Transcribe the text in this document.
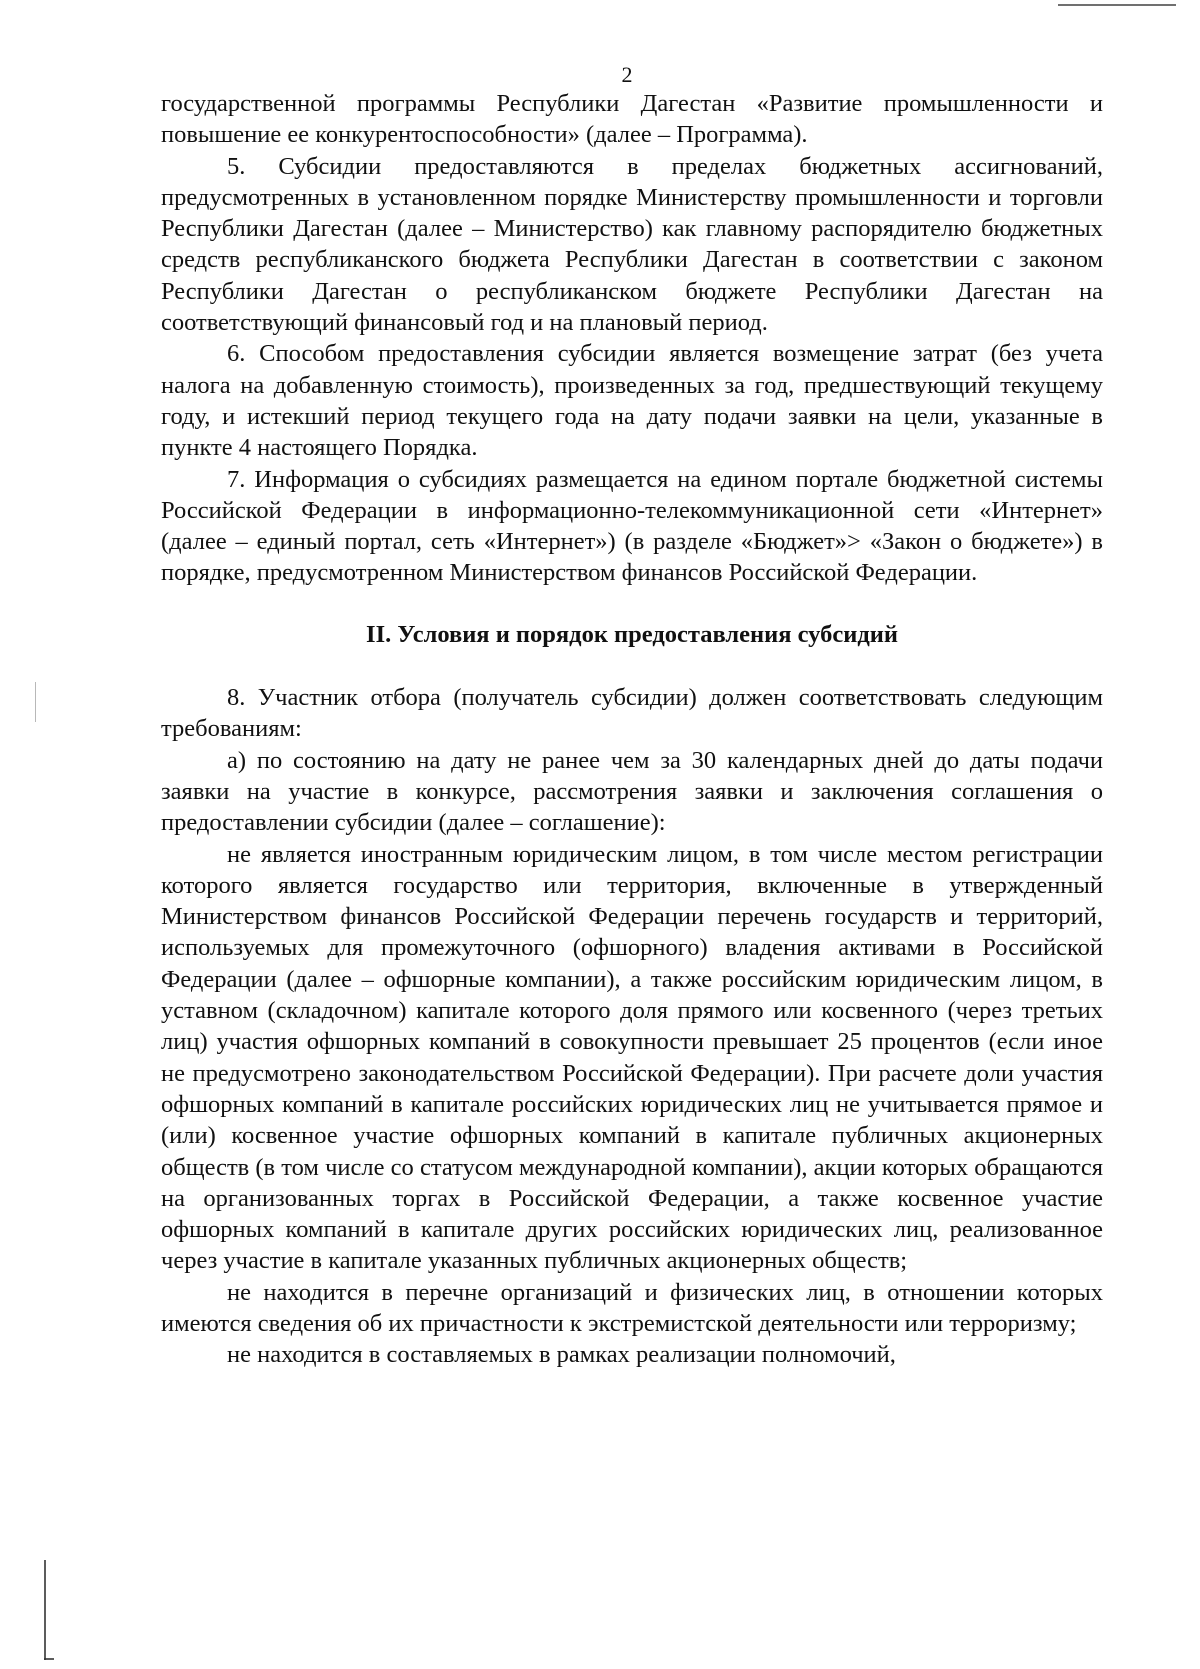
2

государственной программы Республики Дагестан «Развитие промышленности и повышение ее конкурентоспособности» (далее – Программа).

5. Субсидии предоставляются в пределах бюджетных ассигнований, предусмотренных в установленном порядке Министерству промышленности и торговли Республики Дагестан (далее – Министерство) как главному распорядителю бюджетных средств республиканского бюджета Республики Дагестан в соответствии с законом Республики Дагестан о республиканском бюджете Республики Дагестан на соответствующий финансовый год и на плановый период.

6. Способом предоставления субсидии является возмещение затрат (без учета налога на добавленную стоимость), произведенных за год, предшествующий текущему году, и истекший период текущего года на дату подачи заявки на цели, указанные в пункте 4 настоящего Порядка.

7. Информация о субсидиях размещается на едином портале бюджетной системы Российской Федерации в информационно-телекоммуникационной сети «Интернет» (далее – единый портал, сеть «Интернет») (в разделе «Бюджет»> «Закон о бюджете») в порядке, предусмотренном Министерством финансов Российской Федерации.

II. Условия и порядок предоставления субсидий

8. Участник отбора (получатель субсидии) должен соответствовать следующим требованиям:

а) по состоянию на дату не ранее чем за 30 календарных дней до даты подачи заявки на участие в конкурсе, рассмотрения заявки и заключения соглашения о предоставлении субсидии (далее – соглашение):

не является иностранным юридическим лицом, в том числе местом регистрации которого является государство или территория, включенные в утвержденный Министерством финансов Российской Федерации перечень государств и территорий, используемых для промежуточного (офшорного) владения активами в Российской Федерации (далее – офшорные компании), а также российским юридическим лицом, в уставном (складочном) капитале которого доля прямого или косвенного (через третьих лиц) участия офшорных компаний в совокупности превышает 25 процентов (если иное не предусмотрено законодательством Российской Федерации). При расчете доли участия офшорных компаний в капитале российских юридических лиц не учитывается прямое и (или) косвенное участие офшорных компаний в капитале публичных акционерных обществ (в том числе со статусом международной компании), акции которых обращаются на организованных торгах в Российской Федерации, а также косвенное участие офшорных компаний в капитале других российских юридических лиц, реализованное через участие в капитале указанных публичных акционерных обществ;

не находится в перечне организаций и физических лиц, в отношении которых имеются сведения об их причастности к экстремистской деятельности или терроризму;

не находится в составляемых в рамках реализации полномочий,
